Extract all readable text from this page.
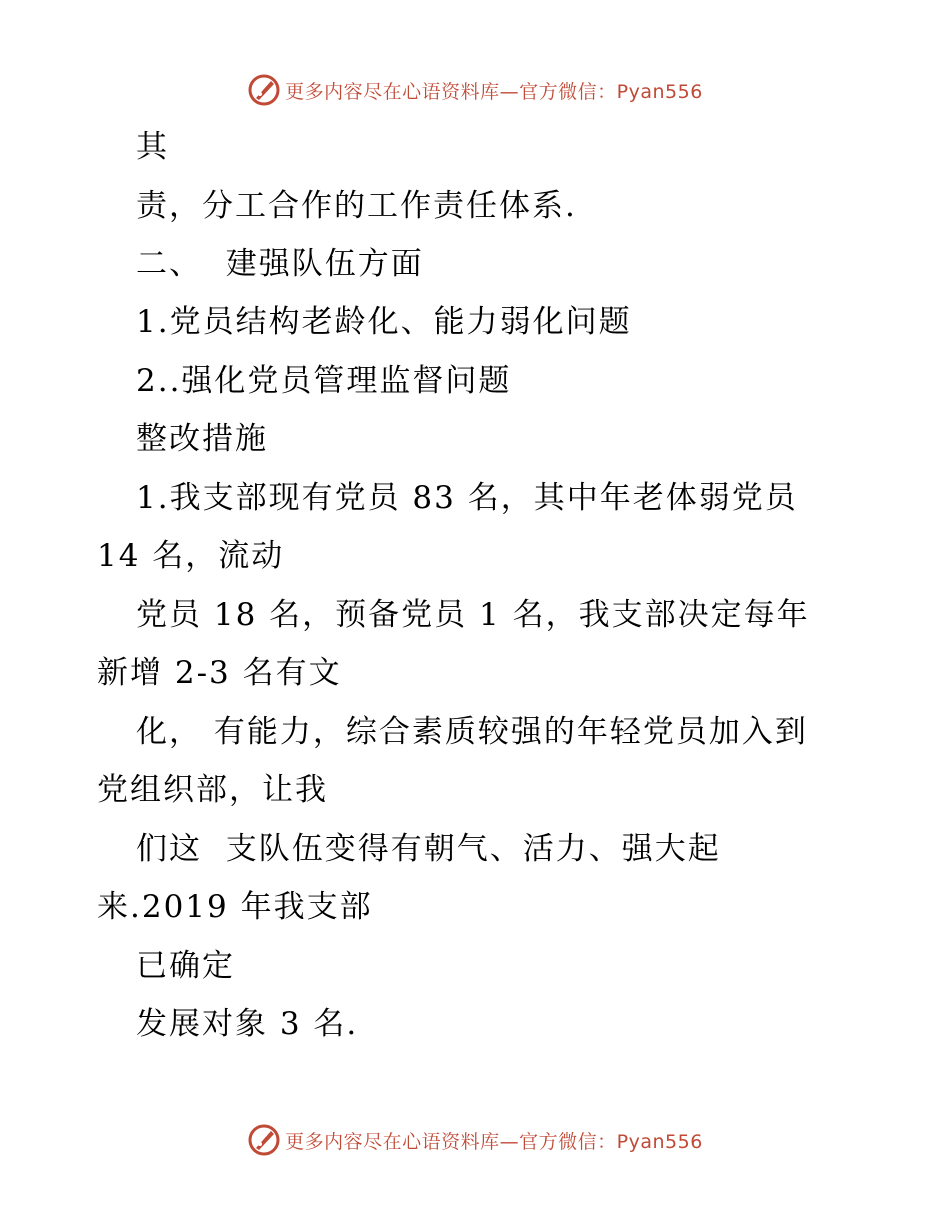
更多内容尽在心语资料库—官方微信：Pyan556
其
责，分工合作的工作责任体系.
二、  建强队伍方面
1.党员结构老龄化、能力弱化问题
2..强化党员管理监督问题
整改措施
1.我支部现有党员 83 名，其中年老体弱党员
14 名，流动
党员 18 名，预备党员 1 名，我支部决定每年
新增 2-3 名有文
化， 有能力，综合素质较强的年轻党员加入到
党组织部，让我
们这  支队伍变得有朝气、活力、强大起
来.2019 年我支部
已确定
发展对象 3 名.
更多内容尽在心语资料库—官方微信：Pyan556
